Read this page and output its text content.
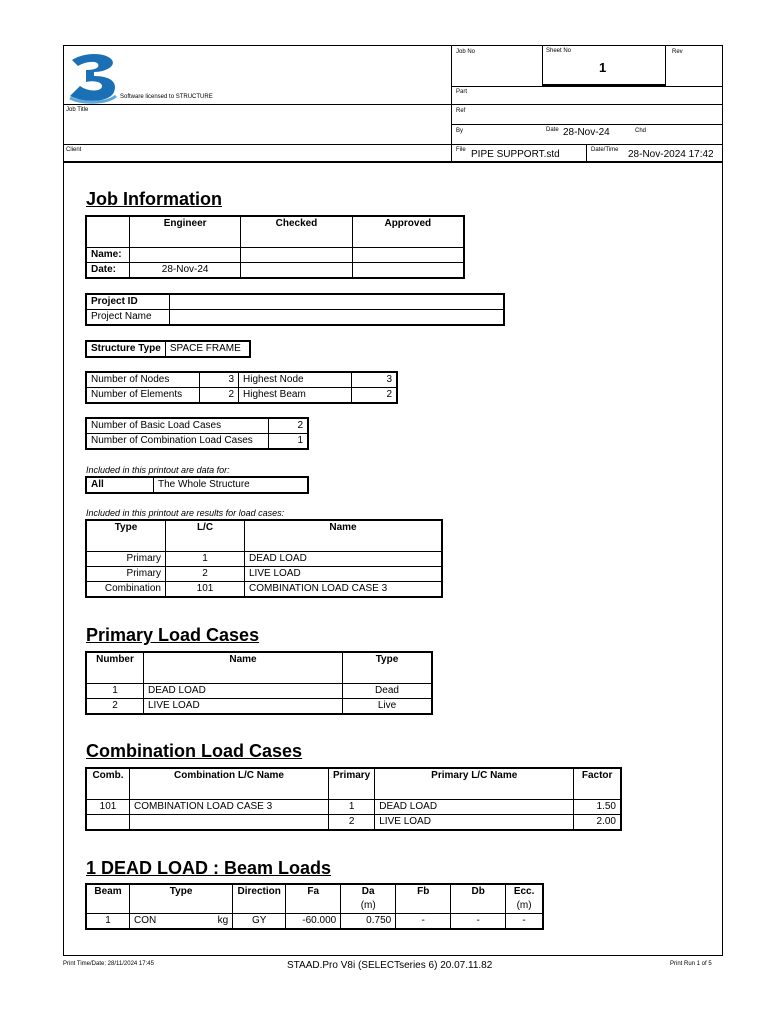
Software licensed to STRUCTURE
Sheet No
1
Job No	Rev
Part
Job Title	Ref
By	Date 28-Nov-24	Chd
Client	File PIPE SUPPORT.std	Date/Time 28-Nov-2024 17:42
Job Information
	Engineer	Checked	Approved
Name:			
Date:	28-Nov-24		
Project ID	
Project Name	
Structure Type	SPACE FRAME
Number of Nodes	3	Highest Node	3
Number of Elements	2	Highest Beam	2
Number of Basic Load Cases	2
Number of Combination Load Cases	1
Included in this printout are data for:
All	The Whole Structure
Included in this printout are results for load cases:
Type	L/C	Name
Primary	1	DEAD LOAD
Primary	2	LIVE LOAD
Combination	101	COMBINATION LOAD CASE 3
Primary Load Cases
Number	Name	Type
1	DEAD LOAD	Dead
2	LIVE LOAD	Live
Combination Load Cases
Comb.	Combination L/C Name	Primary	Primary L/C Name	Factor
101	COMBINATION LOAD CASE 3	1	DEAD LOAD	1.50
		2	LIVE LOAD	2.00
1 DEAD LOAD : Beam Loads
Beam	Type		Direction	Fa	Da	Fb	Db	Ecc.
					(m)			(m)
1	CON	kg	GY	-60.000	0.750	-	-	-
Print Time/Date: 28/11/2024 17:45	STAAD.Pro V8i (SELECTseries 6) 20.07.11.82	Print Run 1 of 5
